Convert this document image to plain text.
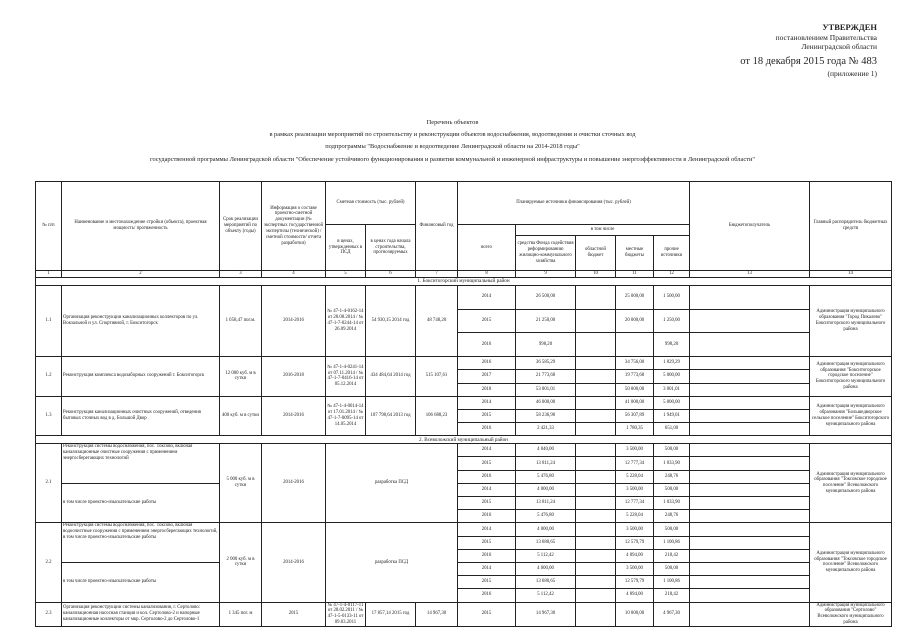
УТВЕРЖДЕН
постановлением Правительства
Ленинградской области
от 18 декабря 2015 года № 483
(приложение 1)
Перечень объектов
в рамках реализации мероприятий по строительству и реконструкции объектов водоснабжения, водоотведения и очистки сточных вод
подпрограммы "Водоснабжение и водоотведение Ленинградской области на 2014-2018 годы"
государственной программы Ленинградской области "Обеспечение устойчивого функционирования и развития коммунальной и инженерной инфраструктуры и повышение энергоэффективности в Ленинградской области"
№ п/п	Наименование и местонахождение стройки (объекта), проектная мощность/ протяженность	Срок реализации мероприятий по объекту (годы)	Информация о составе проектно-сметной документации (№ экспертных государственной экспертизы (технической) / сметной стоимости/ отчета разработки)	Сметная стоимость (тыс. рублей)		Финансовый год	Планируемые источники финансирования (тыс. рублей)					Бюджетополучатель	Главный распорядитель бюджетных средств	
				в ценах, утвержденных в ПСД	в ценах года начала строительства, прогнозируемых		всего	в том числе						
								средства Фонда содействия реформированию жилищно-коммунального хозяйства	областной бюджет	местные бюджеты	прочие источники			
1	2	3	4	5	6	7	8	9	10	11	12	13	14	
1. Бокситогорский муниципальный район														
1.1	Организация реконструкции канализационных коллекторов по ул. Вокзальной и ул. Спортивной, г. Бокситогорск	1 058,47 пог.м.	2014-2016	№ 47-1-4-0162-14 от 28.08.2014 / № 47-1-7-0244-14 от 26.09.2014	54 930,15 2014 год	48 748,20	2014	26 500,00		25 000,00	1 500,00		Администрация муниципального образования "Город Пикалево" Бокситогорского муниципального района	
							2015	21 250,00		20 000,00	1 250,00			
							2016	998,20			998,20			
1.2	Реконструкция комплекса водозаборных сооружений г. Бокситогорск	12 000 куб. м в сутки	2016-2018	№ 47-1-4-0241-14 от 07.11.2014 / № 47-1-7-0416-14 от 05.12.2014	434 484,64 2014 год	515 107,61	2016	36 585,29		34 756,00	1 829,29		Администрация муниципального образования "Бокситогорское городское поселение" Бокситогорского муниципального района	
							2017	21 773,68		19 773,68	5 000,00			
							2018	53 001,01		50 000,00	3 001,01			
1.3	Реконструкция канализационных очистных сооружений, отведения бытовых сточных вод в д. Большой Двор	400 куб. м в сутки	2014-2016	№ 47-1-4-0014-14 от 17.01.2014 / № 47-1-7-0095-14 от 14.05.2014	107 798,64 2013 год	106 688,23	2014	46 000,00		41 000,00	5 000,00		Администрация муниципального образования "Большедворское сельское поселение" Бокситогорского муниципального района	
							2015	58 236,90		56 307,89	1 949,01			
							2016	2 421,33		1 780,35	651,00			
2. Всеволожский муниципальный район														
2.1	Реконструкция системы водоснабжения, пос. Токсово, включая канализационные очистные сооружения с применением энергосберегающих технологий	5 000 куб. м в сутки	2014-2016	разработка ПСД			2014	4 040,00		3 500,00	500,00		Администрация муниципального образования "Токсовское городское поселение" Всеволожского муниципального района	
							2015	13 811,24		12 777,34	1 033,90			
							2016	5 476,80		5 228,04	248,76			
	в том числе проектно-изыскательские работы						2014	4 000,00		3 500,00	500,00			
							2015	13 811,24		12 777,34	1 033,90			
							2016	5 476,80		5 228,04	248,76			
2.2	Реконструкция системы водоснабжения, пос. Токсово, включая водоочистные сооружения с применением энергосберегающих технологий, в том числе проектно-изыскательские работы	2 000 куб. м в сутки	2014-2016	разработка ПСД			2014	4 000,00		3 500,00	500,00		Администрация муниципального образования "Токсовское городское поселение" Всеволожского муниципального района	
							2015	13 680,65		12 579,79	1 100,86			
							2016	5 112,42		4 894,00	218,42			
	в том числе проектно-изыскательские работы						2014	4 000,00		3 500,00	500,00			
							2015	13 680,65		12 579,79	1 100,86			
							2016	5 112,42		4 894,00	218,42			
2.3	Организация реконструкции системы канализования, г. Сертолово: канализационная насосная станция и кол. Сертолово-2 и напорные канализационные коллекторы от мкр. Сертолово-2 до Сертолово-1	1 345 пог. м	2015	№ 47-1-4-0117-11 от 28.02.2011 / № 47-1-5-0133-11 от 09.03.2011	17 857,14 2015 год	14 967,30	2015	14 967,30		10 000,00	4 967,30		Администрация муниципального образования "Сертолово" Всеволожского муниципального района	
